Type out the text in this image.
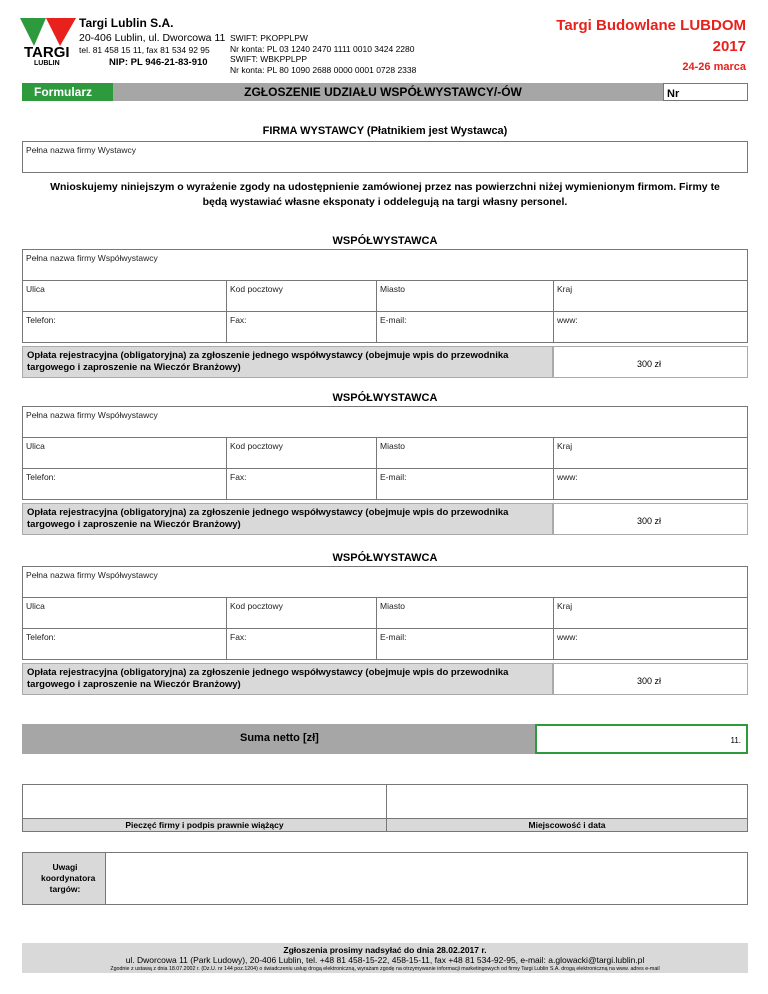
TARGI
LUBLIN
Targi Lublin S.A.
20-406 Lublin, ul. Dworcowa 11
tel. 81 458 15 11, fax 81 534 92 95
NIP: PL 946-21-83-910
SWIFT: PKOPPLPW
Nr konta: PL 03 1240 2470 1111 0010 3424 2280
SWIFT: WBKPPLPP
Nr konta: PL 80 1090 2688 0000 0001 0728 2338
Targi Budowlane LUBDOM
2017
24-26 marca
Formularz ZW
ZGŁOSZENIE UDZIAŁU WSPÓŁWYSTAWCY/-ÓW	Nr
FIRMA WYSTAWCY (Płatnikiem jest Wystawca)
Pełna nazwa firmy Wystawcy
Wnioskujemy niniejszym o wyrażenie zgody na udostępnienie zamówionej przez nas powierzchni niżej wymienionym firmom. Firmy te będą wystawiać własne eksponaty i oddelegują na targi własny personel.
WSPÓŁWYSTAWCA
Pełna nazwa firmy Współwystawcy
Ulica	Kod pocztowy	Miasto	Kraj
Telefon:	Fax:	E-mail:	www:
Opłata rejestracyjna (obligatoryjna) za zgłoszenie jednego współwystawcy (obejmuje wpis do przewodnika targowego i zaproszenie na Wieczór Branżowy)	300 zł
WSPÓŁWYSTAWCA
Pełna nazwa firmy Współwystawcy
Ulica	Kod pocztowy	Miasto	Kraj
Telefon:	Fax:	E-mail:	www:
Opłata rejestracyjna (obligatoryjna) za zgłoszenie jednego współwystawcy (obejmuje wpis do przewodnika targowego i zaproszenie na Wieczór Branżowy)	300 zł
WSPÓŁWYSTAWCA
Pełna nazwa firmy Współwystawcy
Ulica	Kod pocztowy	Miasto	Kraj
Telefon:	Fax:	E-mail:	www:
Opłata rejestracyjna (obligatoryjna) za zgłoszenie jednego współwystawcy (obejmuje wpis do przewodnika targowego i zaproszenie na Wieczór Branżowy)	300 zł
Suma netto [zł]	11.
Pieczęć firmy i podpis prawnie wiążący	Miejscowość i data
Uwagi koordynatora targów:
Zgłoszenia prosimy nadsyłać do dnia 28.02.2017 r.
ul. Dworcowa 11 (Park Ludowy), 20-406 Lublin, tel. +48 81 458-15-22, 458-15-11, fax +48 81 534-92-95, e-mail: a.glowacki@targi.lublin.pl
Zgodnie z ustawą z dnia 18.07.2002 r. (Dz.U. nr 144 poz.1204) o świadczeniu usług drogą elektroniczną, wyrażam zgodę na otrzymywanie informacji marketingowych od firmy Targi Lublin S.A. drogą elektroniczną na www. adres e-mail
